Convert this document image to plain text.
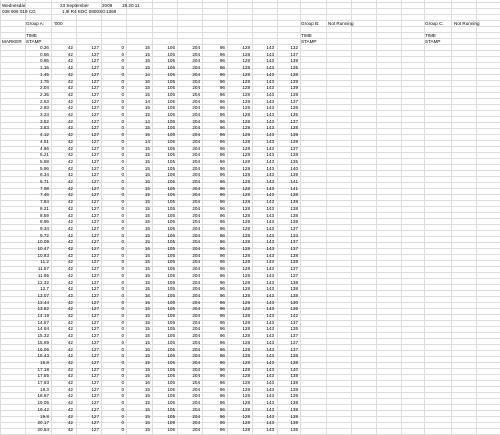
Wednesdái	23 September	2009 19.20.11
038 906 019 CG	1,9l R4 EDC 0800SG 1368
Group A: '000	Group B: Not Running	Group C: Not Running
TIME
STAMP
MARKER
TIME
STAMP
TIME
STAMP
0.26	42	127	0	15	105	204	96	128	143	132
0.56	42	127	0	15	105	204	96	128	143	137
0.85	42	127	0	15	105	204	96	128	143	139
1.15	42	127	0	15	105	204	96	128	143	135
1.45	42	127	0	14	105	204	96	128	143	138
1.75	42	127	0	16	105	204	96	128	143	139
2.04	42	127	0	15	105	204	96	128	143	139
2.35	42	127	0	15	105	204	96	128	143	139
2.63	42	127	0	14	105	204	96	128	143	137
2.93	42	127	0	15	105	204	96	128	143	138
3.23	42	127	0	15	105	204	96	128	143	135
3.52	42	127	0	14	105	204	96	128	143	137
3.83	42	127	0	15	105	204	96	128	143	138
4.12	42	127	0	15	105	204	96	128	143	138
4.51	42	127	0	14	105	204	96	128	143	139
4.86	42	127	0	15	105	204	96	128	143	137
5.21	42	127	0	15	105	204	96	128	143	138
5.58	42	127	0	15	105	204	96	128	143	135
5.96	42	127	0	15	105	204	96	128	143	140
6.34	42	127	0	15	105	204	96	128	143	139
6.71	42	127	0	16	105	204	96	128	143	141
7.08	42	127	0	15	105	204	96	128	143	141
7.46	42	127	0	15	105	204	96	128	143	138
7.84	42	127	0	15	105	204	96	128	143	138
8.21	42	127	0	15	105	204	96	128	143	138
8.59	42	127	0	15	105	204	96	128	143	138
8.96	42	127	0	15	105	204	96	128	143	138
9.34	42	127	0	15	105	204	96	128	143	137
9.72	42	127	0	15	105	204	96	128	143	133
10.09	42	127	0	15	105	204	96	128	143	137
10.47	42	127	0	16	105	204	96	128	143	137
10.83	42	127	0	15	105	204	96	128	143	138
11.2	42	127	0	15	105	204	96	128	143	138
11.57	42	127	0	15	105	204	96	128	143	137
11.95	42	127	0	15	105	204	96	128	143	137
12.32	42	127	0	15	105	204	96	128	143	138
12.7	42	127	0	15	105	204	96	128	143	138
13.07	42	127	0	16	105	204	96	128	143	138
13.44	42	127	0	15	105	204	96	128	143	130
13.82	42	127	0	15	105	204	96	128	143	136
14.19	42	127	0	15	105	204	96	128	143	142
14.57	42	127	0	15	105	204	96	128	143	137
14.94	42	127	0	15	105	204	96	128	143	135
15.32	42	127	0	15	105	204	96	128	143	137
15.69	42	127	0	15	105	204	96	128	143	137
16.06	42	127	0	16	105	204	96	128	143	137
16.43	42	127	0	15	105	204	96	128	143	138
16.8	42	127	0	15	105	204	96	128	143	138
17.18	42	127	0	15	105	204	96	128	143	140
17.55	42	127	0	15	105	204	96	128	143	138
17.93	42	127	0	16	105	204	96	128	143	138
18.3	42	127	0	15	105	204	96	128	143	138
18.67	42	127	0	15	105	204	96	128	143	139
19.05	42	127	0	15	105	204	96	128	143	138
19.42	42	127	0	15	105	204	96	128	143	138
19.8	42	127	0	15	105	204	96	128	143	138
20.17	42	127	0	15	105	204	96	128	143	138
20.54	42	127	0	15	105	204	96	128	143	135
